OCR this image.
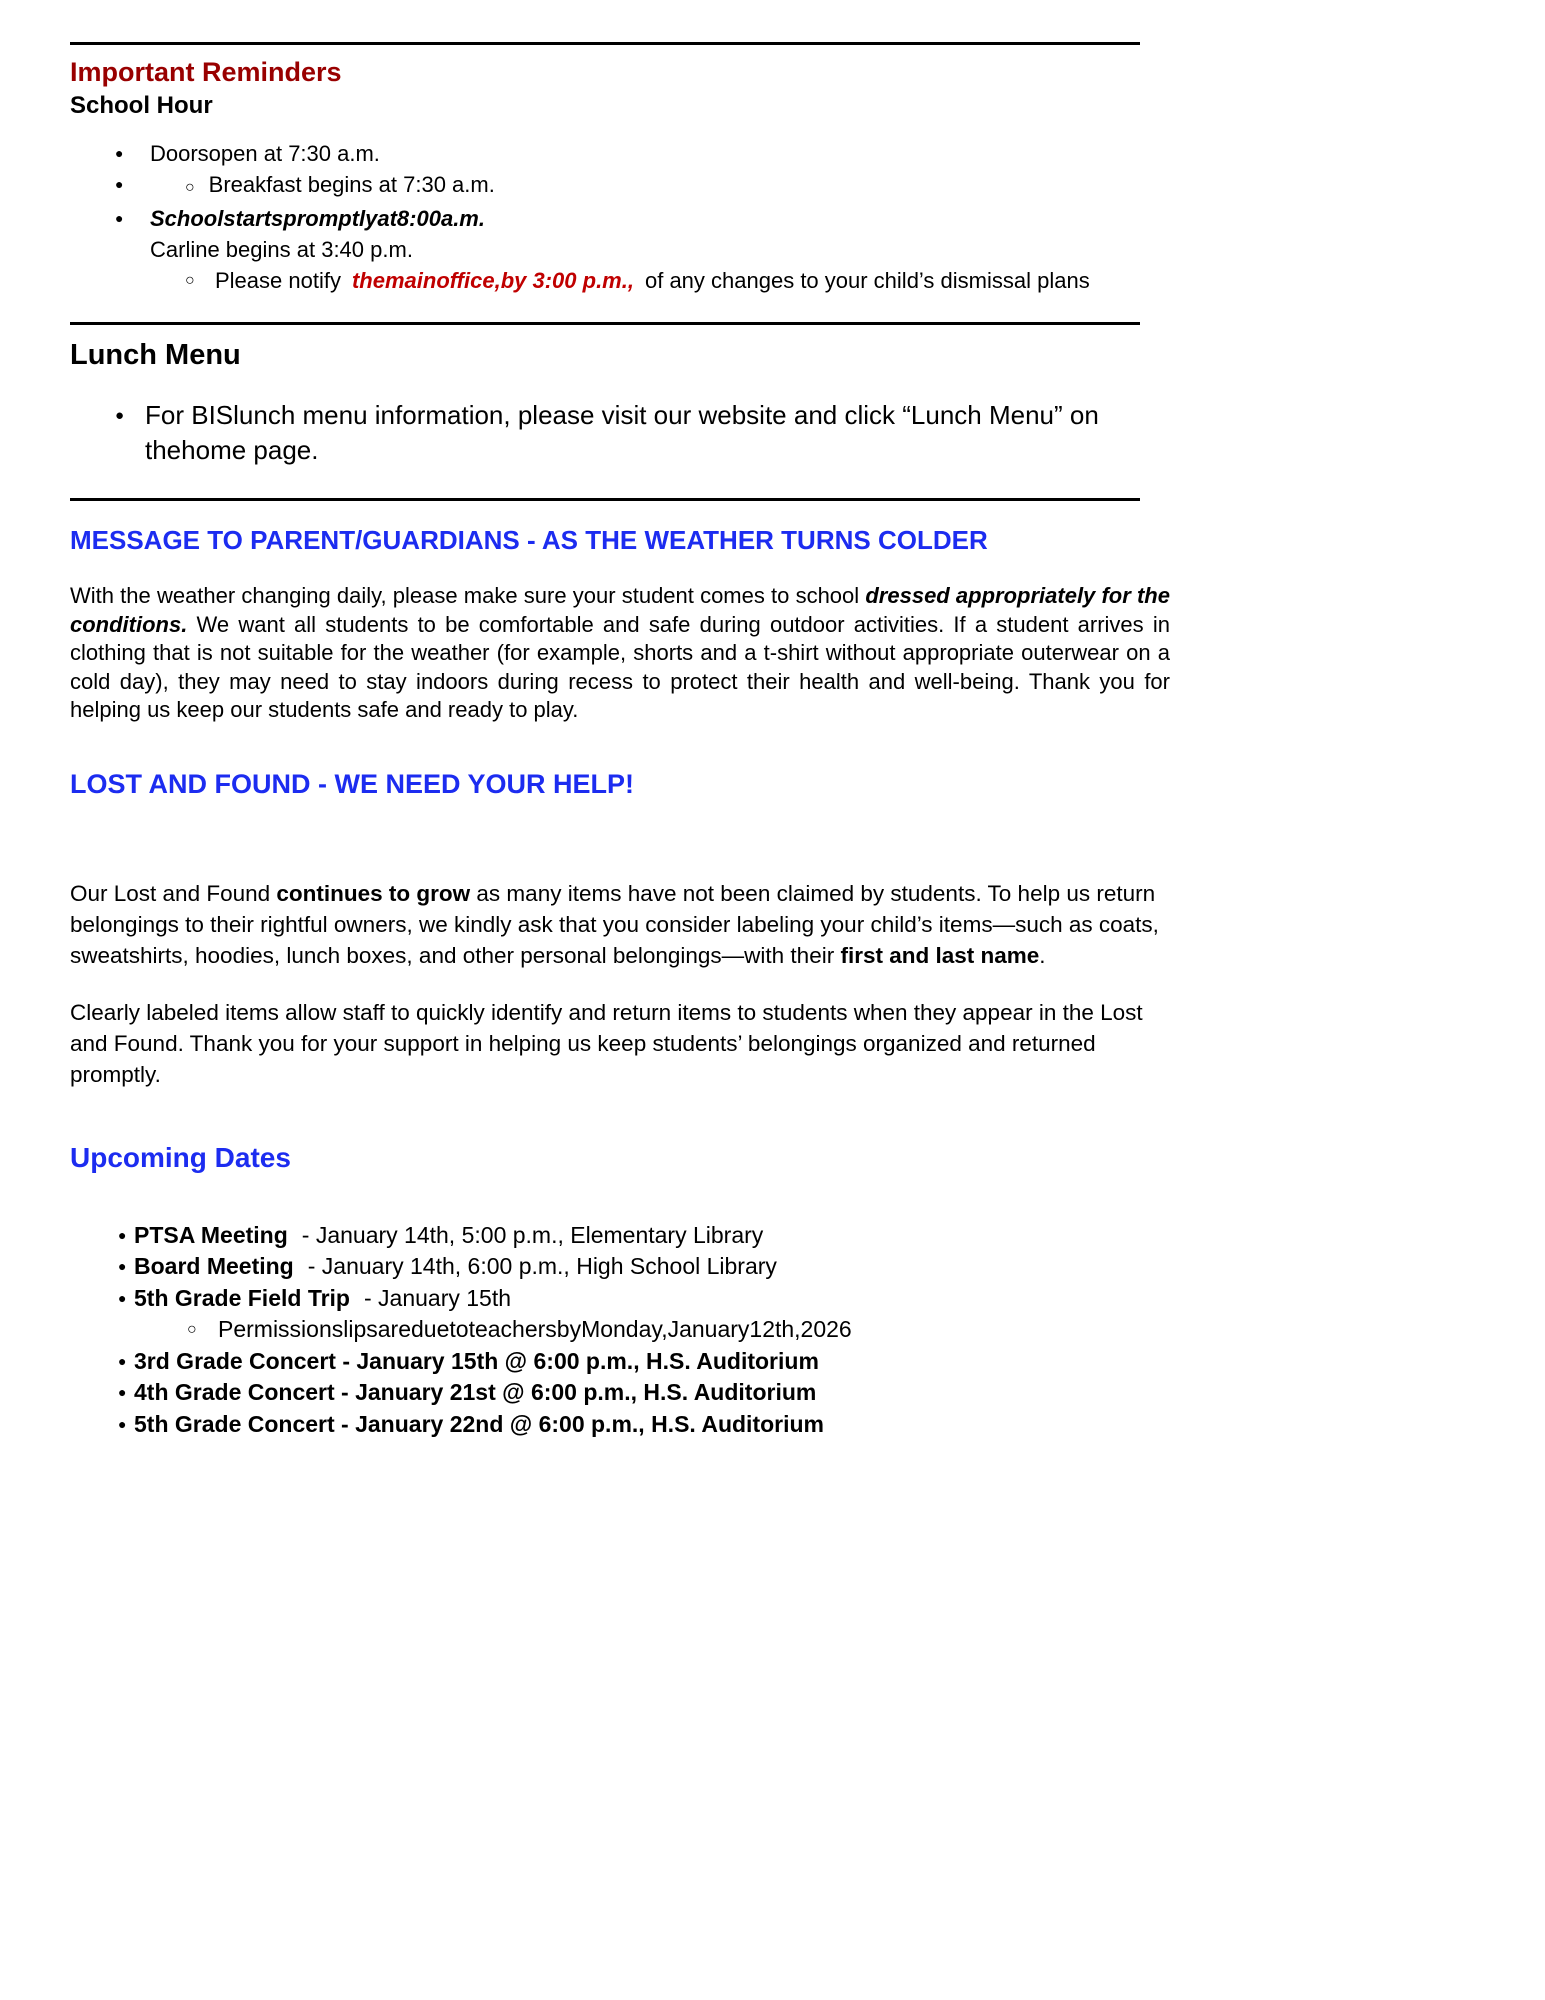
Important Reminders
School Hour
●	Doorsopen at 7:30 a.m.
●	○ Breakfast begins at 7:30 a.m.
●	Schoolstartspromptlyat8:00a.m.
Carline begins at 3:40 p.m.
○ Please notify themainoffice,by 3:00 p.m., of any changes to your child’s dismissal plans
Lunch Menu
● For BISlunch menu information, please visit our website and click “Lunch Menu” on thehome page.
MESSAGE TO PARENT/GUARDIANS - AS THE WEATHER TURNS COLDER

With the weather changing daily, please make sure your student comes to school dressed appropriately for the conditions. We want all students to be comfortable and safe during outdoor activities. If a student arrives in clothing that is not suitable for the weather (for example, shorts and a t-shirt without appropriate outerwear on a cold day), they may need to stay indoors during recess to protect their health and well-being. Thank you for helping us keep our students safe and ready to play.

LOST AND FOUND - WE NEED YOUR HELP!

Our Lost and Found continues to grow as many items have not been claimed by students. To help us return belongings to their rightful owners, we kindly ask that you consider labeling your child’s items—such as coats, sweatshirts, hoodies, lunch boxes, and other personal belongings—with their first and last name.

Clearly labeled items allow staff to quickly identify and return items to students when they appear in the Lost and Found. Thank you for your support in helping us keep students’ belongings organized and returned promptly.

Upcoming Dates
● PTSA Meeting - January 14th, 5:00 p.m., Elementary Library
● Board Meeting - January 14th, 6:00 p.m., High School Library
● 5th Grade Field Trip - January 15th
○ PermissionslipsareduetoteachersbyMonday,January12th,2026
● 3rd Grade Concert - January 15th @ 6:00 p.m., H.S. Auditorium
● 4th Grade Concert - January 21st @ 6:00 p.m., H.S. Auditorium
● 5th Grade Concert - January 22nd @ 6:00 p.m., H.S. Auditorium
